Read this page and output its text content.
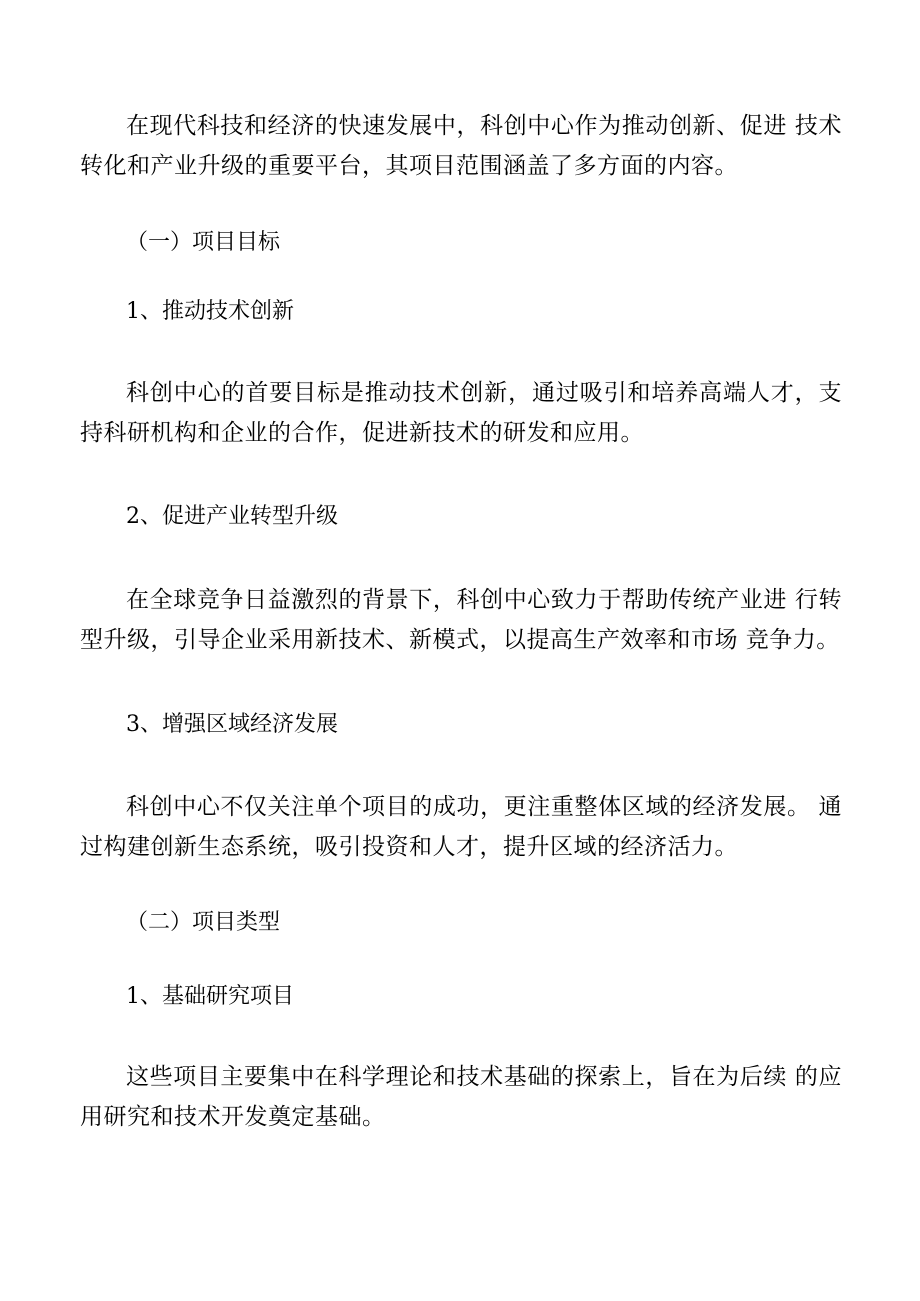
在现代科技和经济的快速发展中，科创中心作为推动创新、促进 技术转化和产业升级的重要平台，其项目范围涵盖了多方面的内容。

（一）项目目标

1、推动技术创新

科创中心的首要目标是推动技术创新，通过吸引和培养高端人才，支持科研机构和企业的合作，促进新技术的研发和应用。

2、促进产业转型升级

在全球竞争日益激烈的背景下，科创中心致力于帮助传统产业进 行转型升级，引导企业采用新技术、新模式，以提高生产效率和市场 竞争力。

3、增强区域经济发展

科创中心不仅关注单个项目的成功，更注重整体区域的经济发展。 通过构建创新生态系统，吸引投资和人才，提升区域的经济活力。

（二）项目类型

1、基础研究项目

这些项目主要集中在科学理论和技术基础的探索上，旨在为后续 的应用研究和技术开发奠定基础。
